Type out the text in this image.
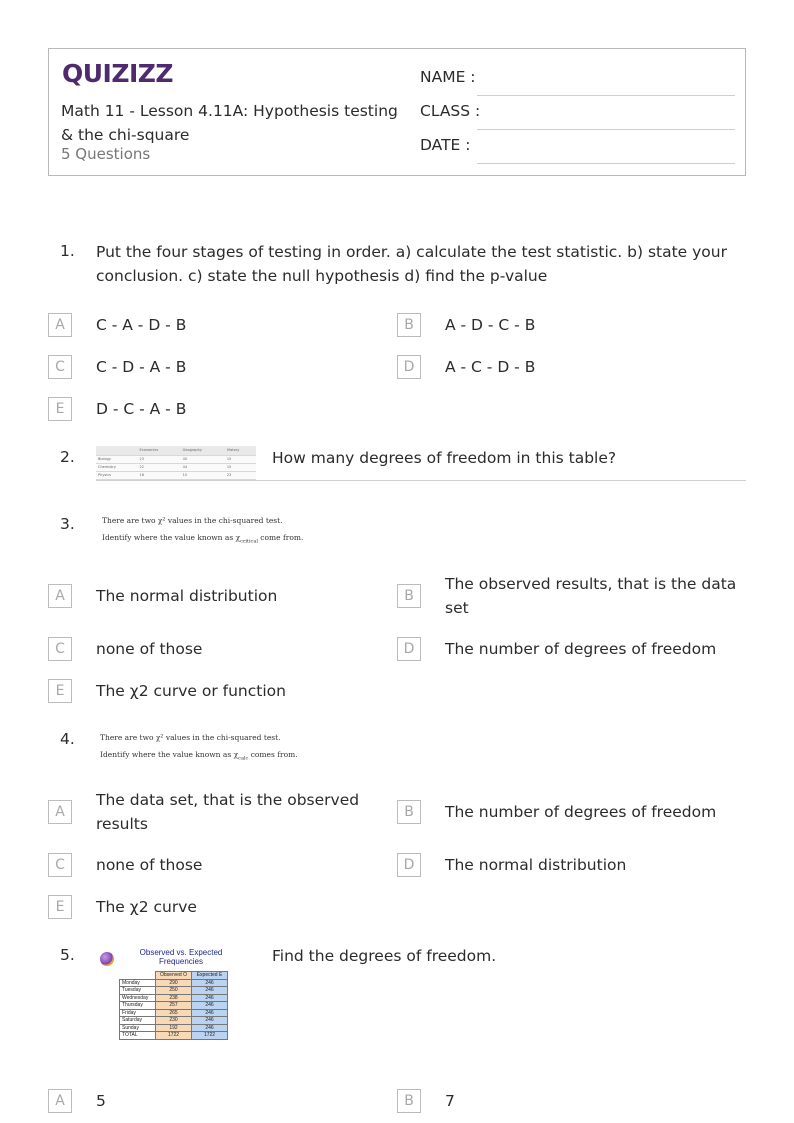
QUIZIZZ
Math 11 - Lesson 4.11A: Hypothesis testing & the chi-square
5 Questions
NAME :
CLASS :
DATE :
1. Put the four stages of testing in order. a) calculate the test statistic. b) state your conclusion. c) state the null hypothesis d) find the p-value
A	C - A - D - B	B	A - D - C - B
C	C - D - A - B	D	A - C - D - B
E	D - C - A - B
2.
		Economics	Geography	History
Biology	23	40	15
Chemistry	22	44	15
Physics	16	10	23
How many degrees of freedom in this table?
3.	There are two χ² values in the chi-squared test.
Identify where the value known as $\chi_{critical}$ come from.
A	The normal distribution	B
The observed results, that is the data set
C	none of those	D	The number of degrees of freedom
E	The χ2 curve or function
4.	There are two χ² values in the chi-squared test.
Identify where the value known as $\chi_{calc}$ comes from.
A
The data set, that is the observed results
B	The number of degrees of freedom
C	none of those	D	The normal distribution
E	The χ2 curve
5.	Observed vs. Expected Frequencies
	Observed O	Expected E
Monday	290	246
Tuesday	250	246
Wednesday	238	246
Thursday	257	246
Friday	265	246
Saturday	230	246
Sunday	192	246
TOTAL	1722	1722
Find the degrees of freedom.
A	5	B	7
